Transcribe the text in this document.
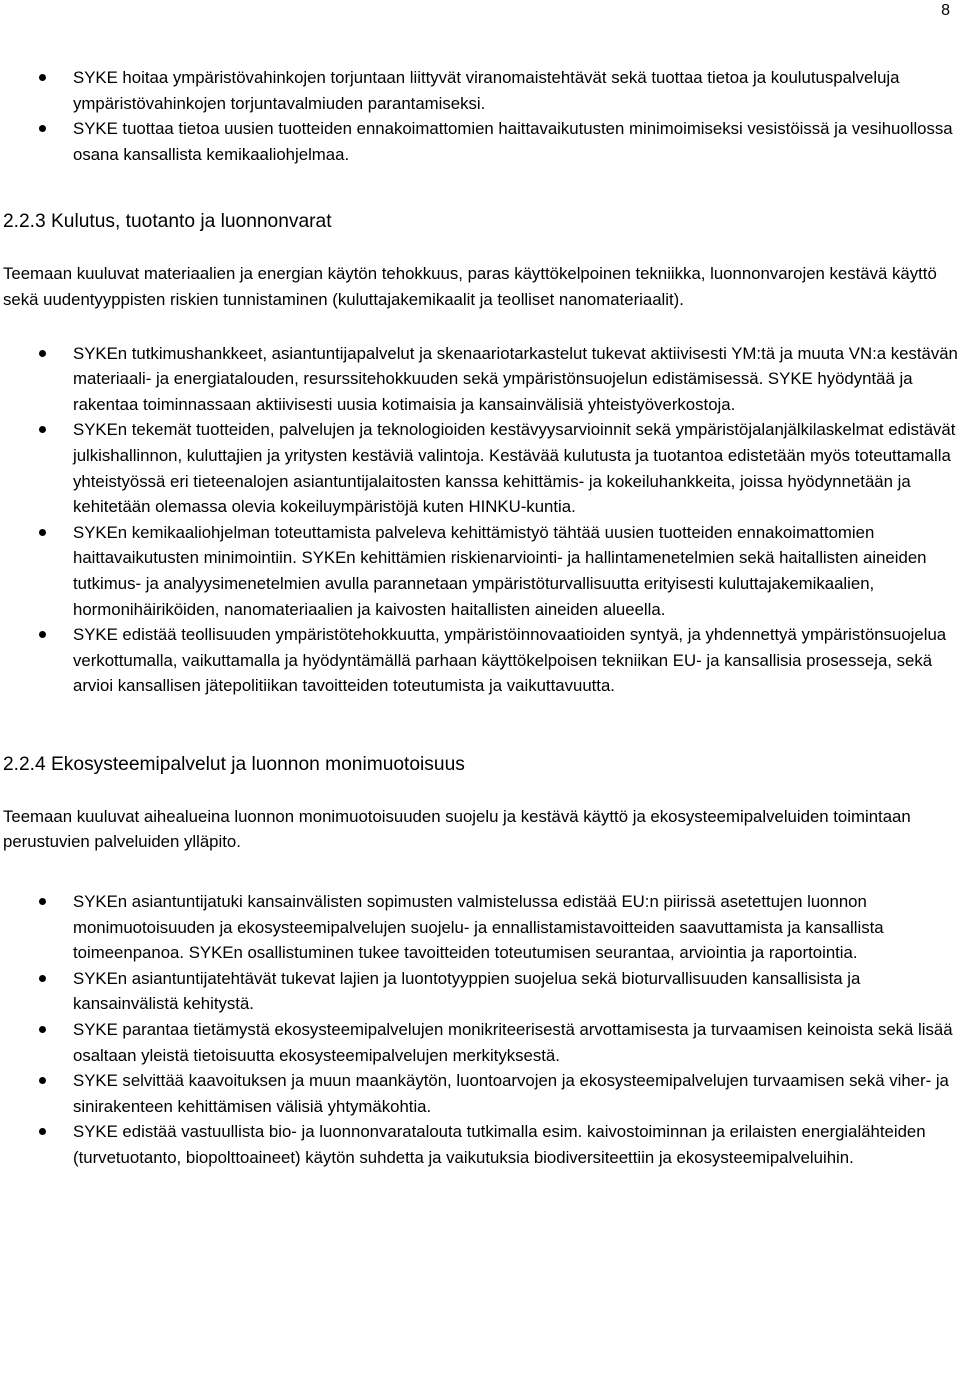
8
SYKE hoitaa ympäristövahinkojen torjuntaan liittyvät viranomaistehtävät sekä tuottaa tietoa ja koulutuspalveluja ympäristövahinkojen torjuntavalmiuden parantamiseksi.
SYKE tuottaa tietoa uusien tuotteiden ennakoimattomien haittavaikutusten minimoimiseksi vesistöissä ja vesihuollossa osana kansallista kemikaaliohjelmaa.
2.2.3 Kulutus, tuotanto ja luonnonvarat

Teemaan kuuluvat materiaalien ja energian käytön tehokkuus, paras käyttökelpoinen tekniikka, luonnonvarojen kestävä käyttö sekä uudentyyppisten riskien tunnistaminen (kuluttajakemikaalit ja teolliset nanomateriaalit).

SYKEn tutkimushankkeet, asiantuntijapalvelut ja skenaariotarkastelut tukevat aktiivisesti YM:tä ja muuta VN:a kestävän materiaali- ja energiatalouden, resurssitehokkuuden sekä ympäristönsuojelun edistämisessä. SYKE hyödyntää ja rakentaa toiminnassaan aktiivisesti uusia kotimaisia ja kansainvälisiä yhteistyöverkostoja.
SYKEn tekemät tuotteiden, palvelujen ja teknologioiden kestävyysarvioinnit sekä ympäristöjalanjälkilaskelmat edistävät julkishallinnon, kuluttajien ja yritysten kestäviä valintoja. Kestävää kulutusta ja tuotantoa edistetään myös toteuttamalla yhteistyössä eri tieteenalojen asiantuntijalaitosten kanssa kehittämis- ja kokeiluhankkeita, joissa hyödynnetään ja kehitetään olemassa olevia kokeiluympäristöjä kuten HINKU-kuntia.
SYKEn kemikaaliohjelman toteuttamista palveleva kehittämistyö tähtää uusien tuotteiden ennakoimattomien haittavaikutusten minimointiin. SYKEn kehittämien riskienarviointi- ja hallintamenetelmien sekä haitallisten aineiden tutkimus- ja analyysimenetelmien avulla parannetaan ympäristöturvallisuutta erityisesti kuluttajakemikaalien, hormonihäiriköiden, nanomateriaalien ja kaivosten haitallisten aineiden alueella.
SYKE edistää teollisuuden ympäristötehokkuutta, ympäristöinnovaatioiden syntyä, ja yhdennettyä ympäristönsuojelua verkottumalla, vaikuttamalla ja hyödyntämällä parhaan käyttökelpoisen tekniikan EU- ja kansallisia prosesseja, sekä arvioi kansallisen jätepolitiikan tavoitteiden toteutumista ja vaikuttavuutta.
2.2.4 Ekosysteemipalvelut ja luonnon monimuotoisuus

Teemaan kuuluvat aihealueina luonnon monimuotoisuuden suojelu ja kestävä käyttö ja ekosysteemipalveluiden toimintaan perustuvien palveluiden ylläpito.

SYKEn asiantuntijatuki kansainvälisten sopimusten valmistelussa edistää EU:n piirissä asetettujen luonnon monimuotoisuuden ja ekosysteemipalvelujen suojelu- ja ennallistamistavoitteiden saavuttamista ja kansallista toimeenpanoa. SYKEn osallistuminen tukee tavoitteiden toteutumisen seurantaa, arviointia ja raportointia.
SYKEn asiantuntijatehtävät tukevat lajien ja luontotyyppien suojelua sekä bioturvallisuuden kansallisista ja kansainvälistä kehitystä.
SYKE parantaa tietämystä ekosysteemipalvelujen monikriteerisestä arvottamisesta ja turvaamisen keinoista sekä lisää osaltaan yleistä tietoisuutta ekosysteemipalvelujen merkityksestä.
SYKE selvittää kaavoituksen ja muun maankäytön, luontoarvojen ja ekosysteemipalvelujen turvaamisen sekä viher- ja sinirakenteen kehittämisen välisiä yhtymäkohtia.
SYKE edistää vastuullista bio- ja luonnonvaratalouta tutkimalla esim. kaivostoiminnan ja erilaisten energialähteiden (turvetuotanto, biopolttoaineet) käytön suhdetta ja vaikutuksia biodiversiteettiin ja ekosysteemipalveluihin.
